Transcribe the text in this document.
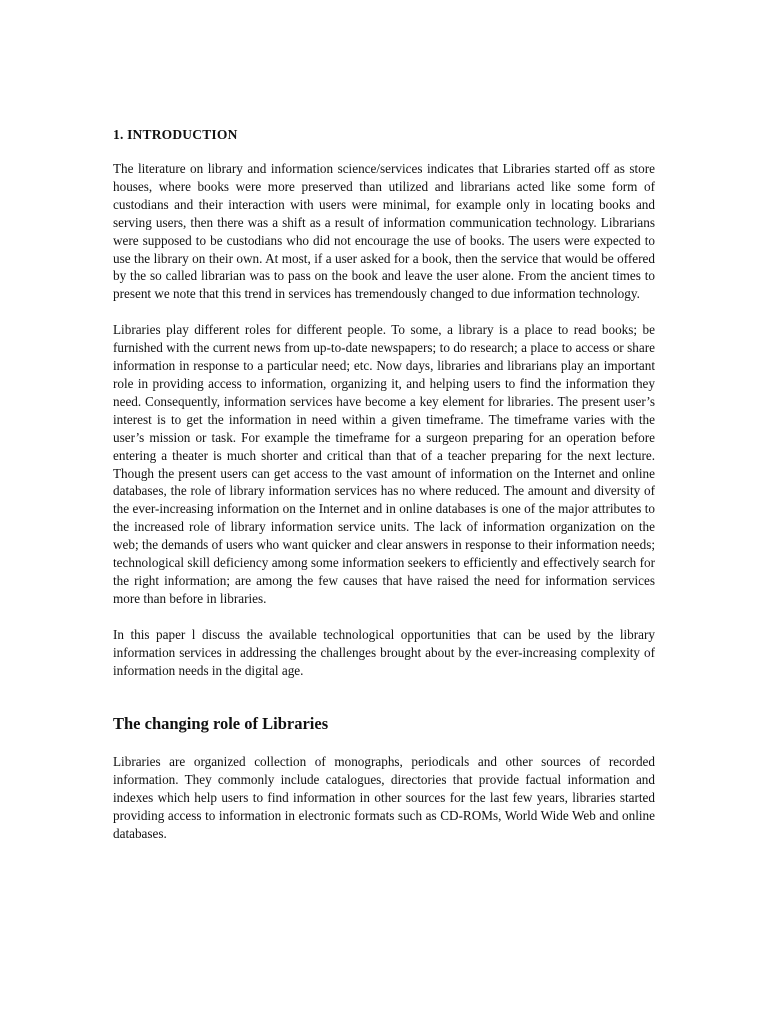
1. INTRODUCTION

The literature on library and information science/services indicates that Libraries started off as store houses, where books were more preserved than utilized and librarians acted like some form of custodians and their interaction with users were minimal, for example only in locating books and serving users, then there was a shift as a result of information communication technology. Librarians were supposed to be custodians who did not encourage the use of books. The users were expected to use the library on their own. At most, if a user asked for a book, then the service that would be offered by the so called librarian was to pass on the book and leave the user alone. From the ancient times to present we note that this trend in services has tremendously changed to due information technology.

Libraries play different roles for different people. To some, a library is a place to read books; be furnished with the current news from up-to-date newspapers; to do research; a place to access or share information in response to a particular need; etc. Now days, libraries and librarians play an important role in providing access to information, organizing it, and helping users to find the information they need. Consequently, information services have become a key element for libraries. The present user’s interest is to get the information in need within a given timeframe. The timeframe varies with the user’s mission or task. For example the timeframe for a surgeon preparing for an operation before entering a theater is much shorter and critical than that of a teacher preparing for the next lecture. Though the present users can get access to the vast amount of information on the Internet and online databases, the role of library information services has no where reduced. The amount and diversity of the ever-increasing information on the Internet and in online databases is one of the major attributes to the increased role of library information service units. The lack of information organization on the web; the demands of users who want quicker and clear answers in response to their information needs; technological skill deficiency among some information seekers to efficiently and effectively search for the right information; are among the few causes that have raised the need for information services more than before in libraries.

In this paper l discuss the available technological opportunities that can be used by the library information services in addressing the challenges brought about by the ever-increasing complexity of information needs in the digital age.

The changing role of Libraries

Libraries are organized collection of monographs, periodicals and other sources of recorded information. They commonly include catalogues, directories that provide factual information and indexes which help users to find information in other sources for the last few years, libraries started providing access to information in electronic formats such as CD-ROMs, World Wide Web and online databases.
